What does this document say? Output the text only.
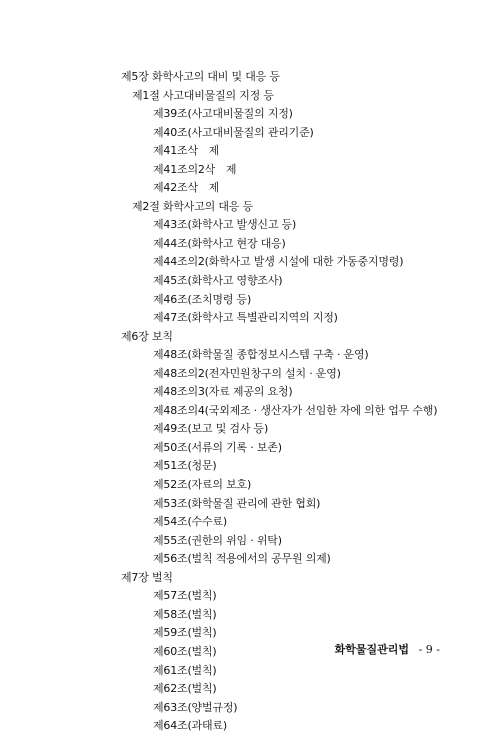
제5장 화학사고의 대비 및 대응 등
제1절 사고대비물질의 지정 등
제39조(사고대비물질의 지정)
제40조(사고대비물질의 관리기준)
제41조삭　제
제41조의2삭　제
제42조삭　제
제2절 화학사고의 대응 등
제43조(화학사고 발생신고 등)
제44조(화학사고 현장 대응)
제44조의2(화학사고 발생 시설에 대한 가동중지명령)
제45조(화학사고 영향조사)
제46조(조치명령 등)
제47조(화학사고 특별관리지역의 지정)
제6장 보칙
제48조(화학물질 종합정보시스템 구축 · 운영)
제48조의2(전자민원창구의 설치 · 운영)
제48조의3(자료 제공의 요청)
제48조의4(국외제조 · 생산자가 선임한 자에 의한 업무 수행)
제49조(보고 및 검사 등)
제50조(서류의 기록 · 보존)
제51조(청문)
제52조(자료의 보호)
제53조(화학물질 관리에 관한 협회)
제54조(수수료)
제55조(권한의 위임 · 위탁)
제56조(벌칙 적용에서의 공무원 의제)
제7장 벌칙
제57조(벌칙)
제58조(벌칙)
제59조(벌칙)
제60조(벌칙)
제61조(벌칙)
제62조(벌칙)
제63조(양벌규정)
제64조(과태료)
화학물질관리법 - 9 -
